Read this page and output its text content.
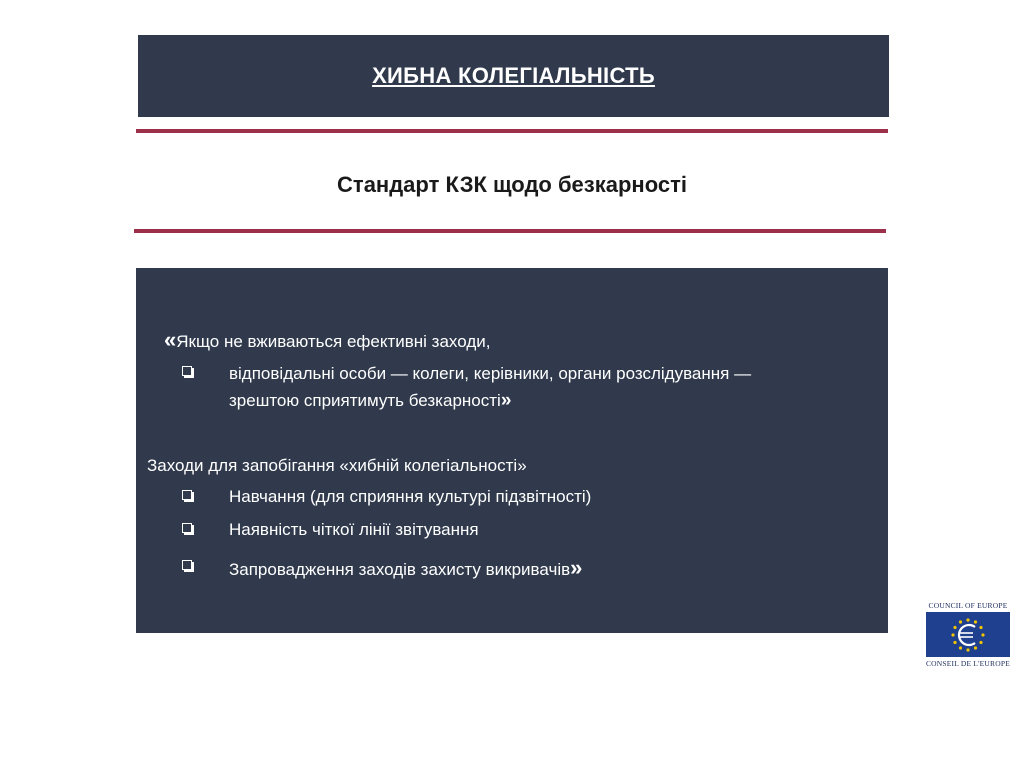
ХИБНА КОЛЕГІАЛЬНІСТЬ
Стандарт КЗК щодо безкарності
«Якщо не вживаються ефективні заходи,
відповідальні особи — колеги, керівники, органи розслідування —
зрештою сприятимуть безкарності»
Заходи для запобігання «хибній колегіальності»
Навчання (для сприяння культурі підзвітності)
Наявність чіткої лінії звітування
Запровадження заходів захисту викривачів»
COUNCIL OF EUROPE
CONSEIL DE L'EUROPE
